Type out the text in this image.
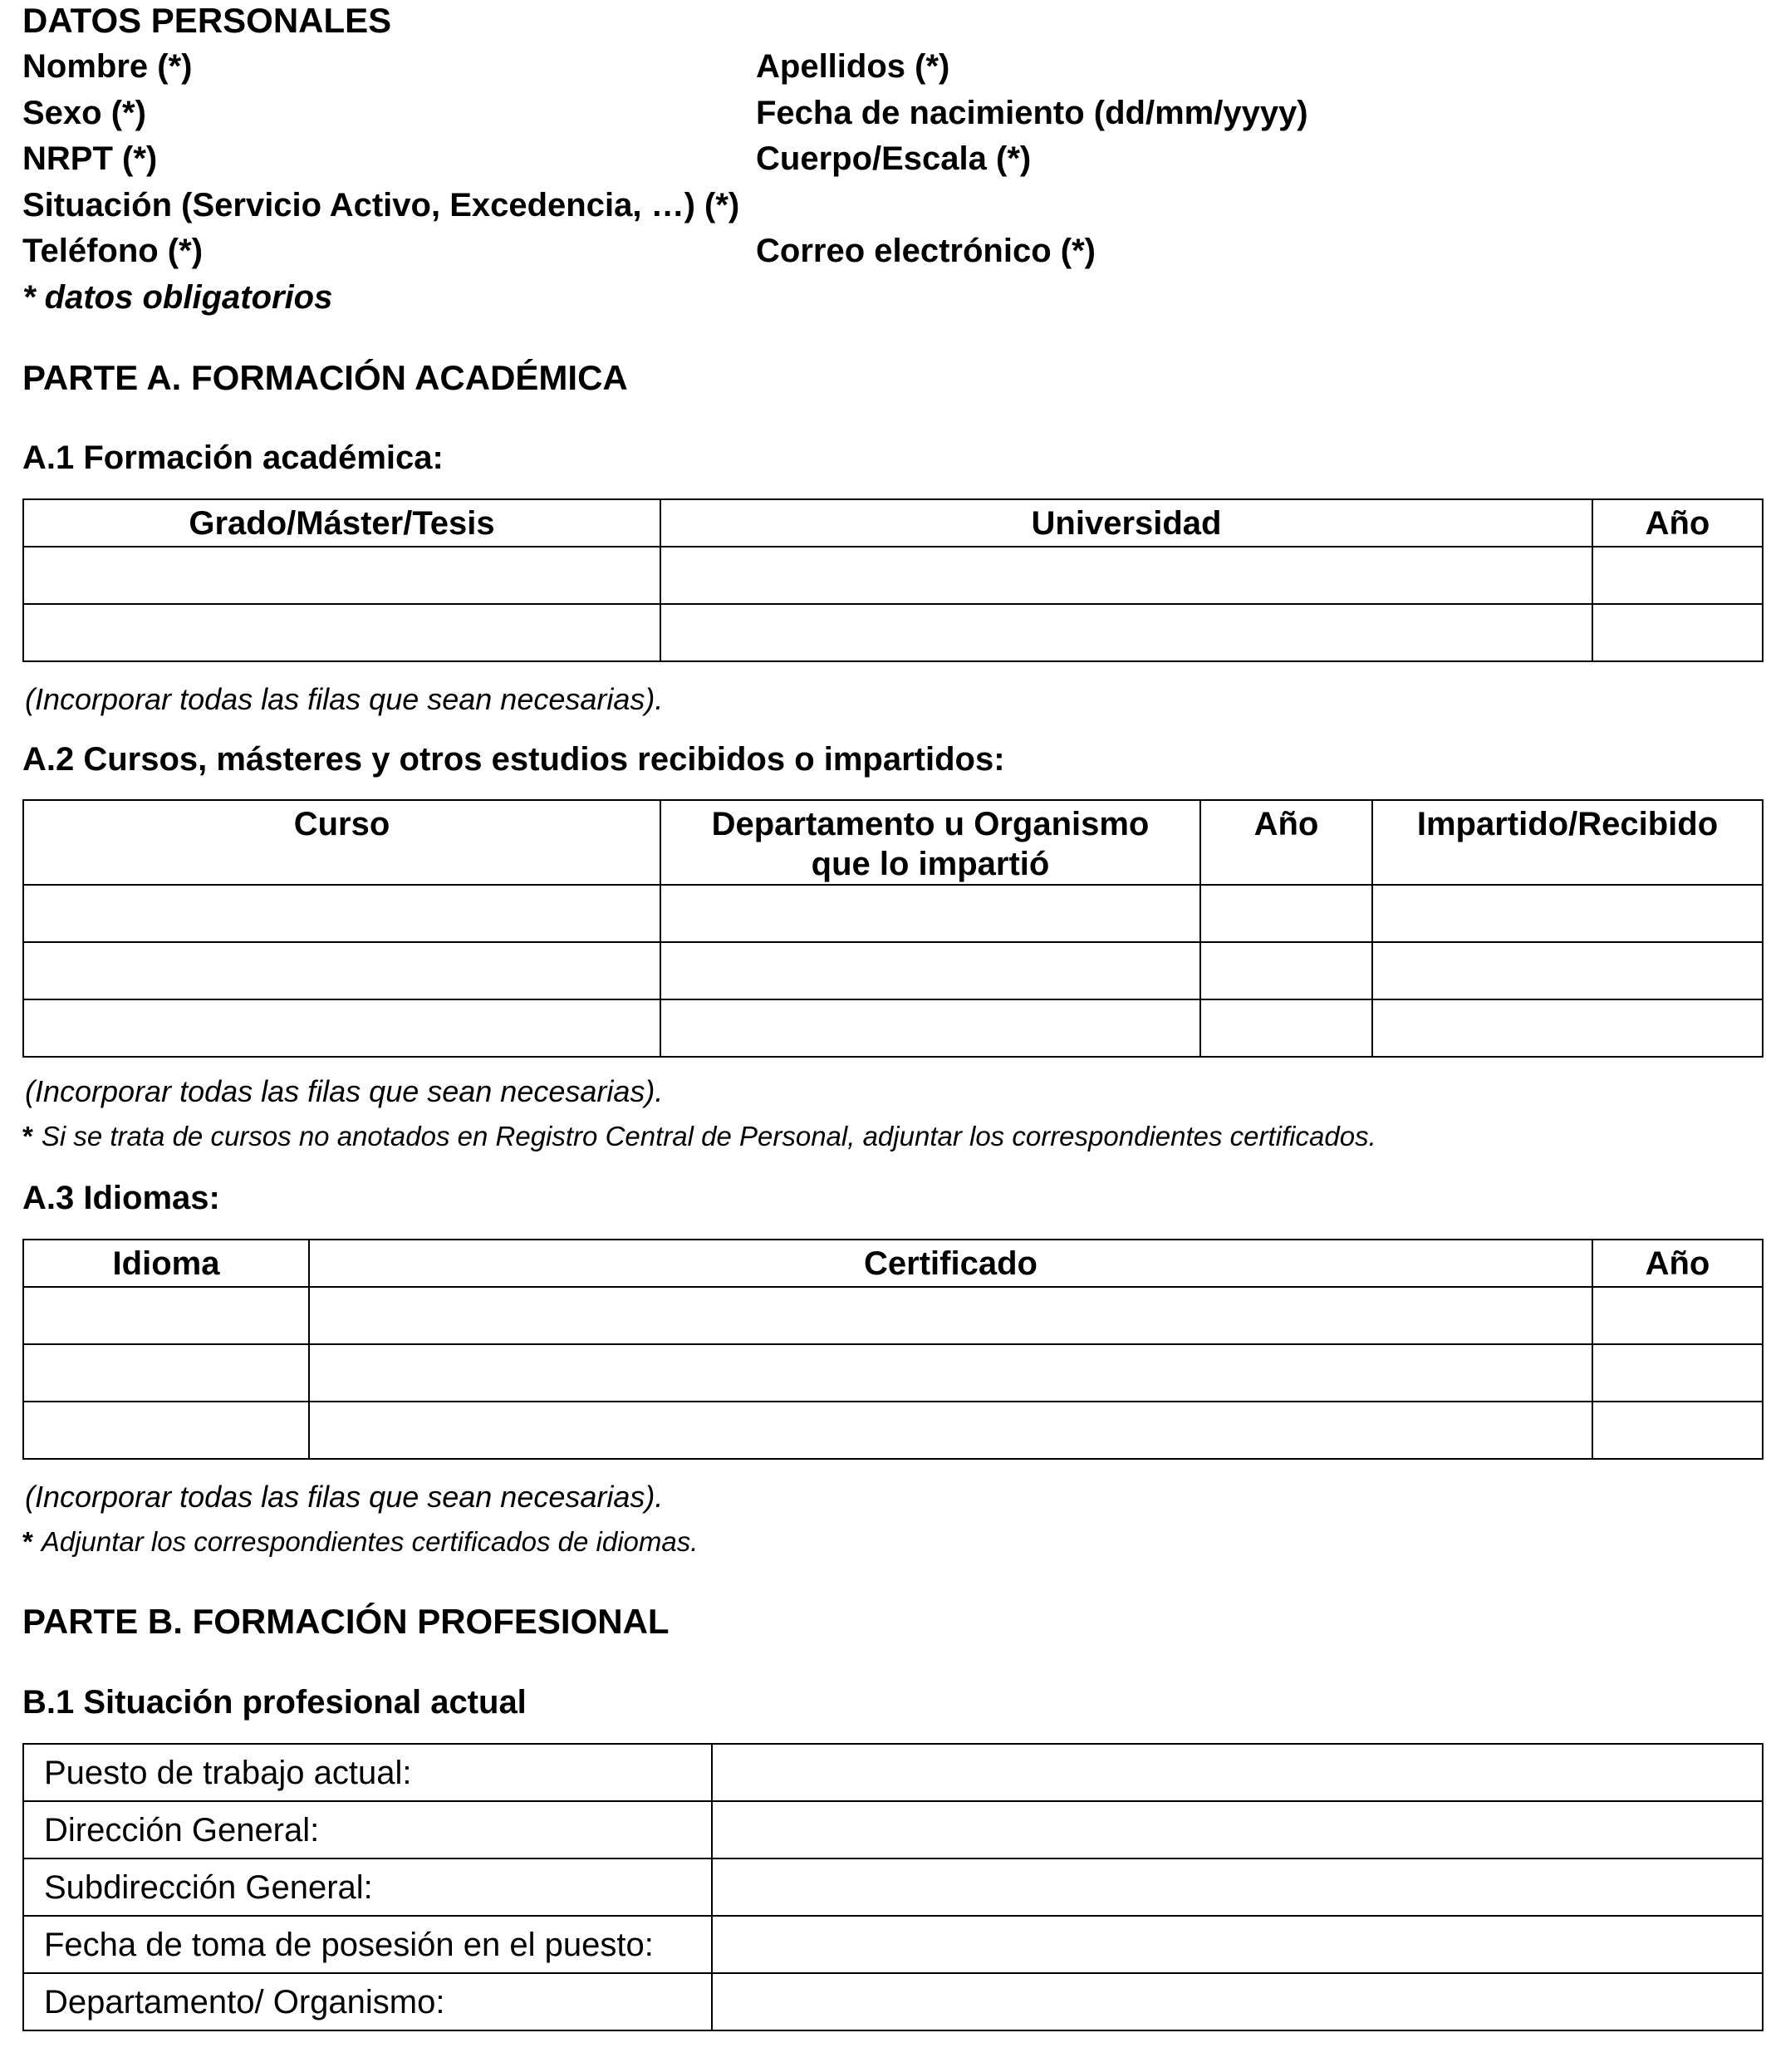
DATOS PERSONALES
Nombre (*)	Apellidos (*)
Sexo (*)	Fecha de nacimiento (dd/mm/yyyy)
NRPT (*)	Cuerpo/Escala (*)
Situación (Servicio Activo, Excedencia, …) (*)
Teléfono (*)	Correo electrónico (*)
* datos obligatorios
PARTE A. FORMACIÓN ACADÉMICA
A.1 Formación académica:
Grado/Máster/Tesis	Universidad	Año

(Incorporar todas las filas que sean necesarias).
A.2 Cursos, másteres y otros estudios recibidos o impartidos:
Curso	Departamento u Organismo que lo impartió	Año	Impartido/Recibido

(Incorporar todas las filas que sean necesarias).
* Si se trata de cursos no anotados en Registro Central de Personal, adjuntar los correspondientes certificados.
A.3 Idiomas:
Idioma	Certificado	Año

(Incorporar todas las filas que sean necesarias).
* Adjuntar los correspondientes certificados de idiomas.
PARTE B. FORMACIÓN PROFESIONAL
B.1 Situación profesional actual
Puesto de trabajo actual:	
Dirección General:	
Subdirección General:	
Fecha de toma de posesión en el puesto:	
Departamento/ Organismo:	
